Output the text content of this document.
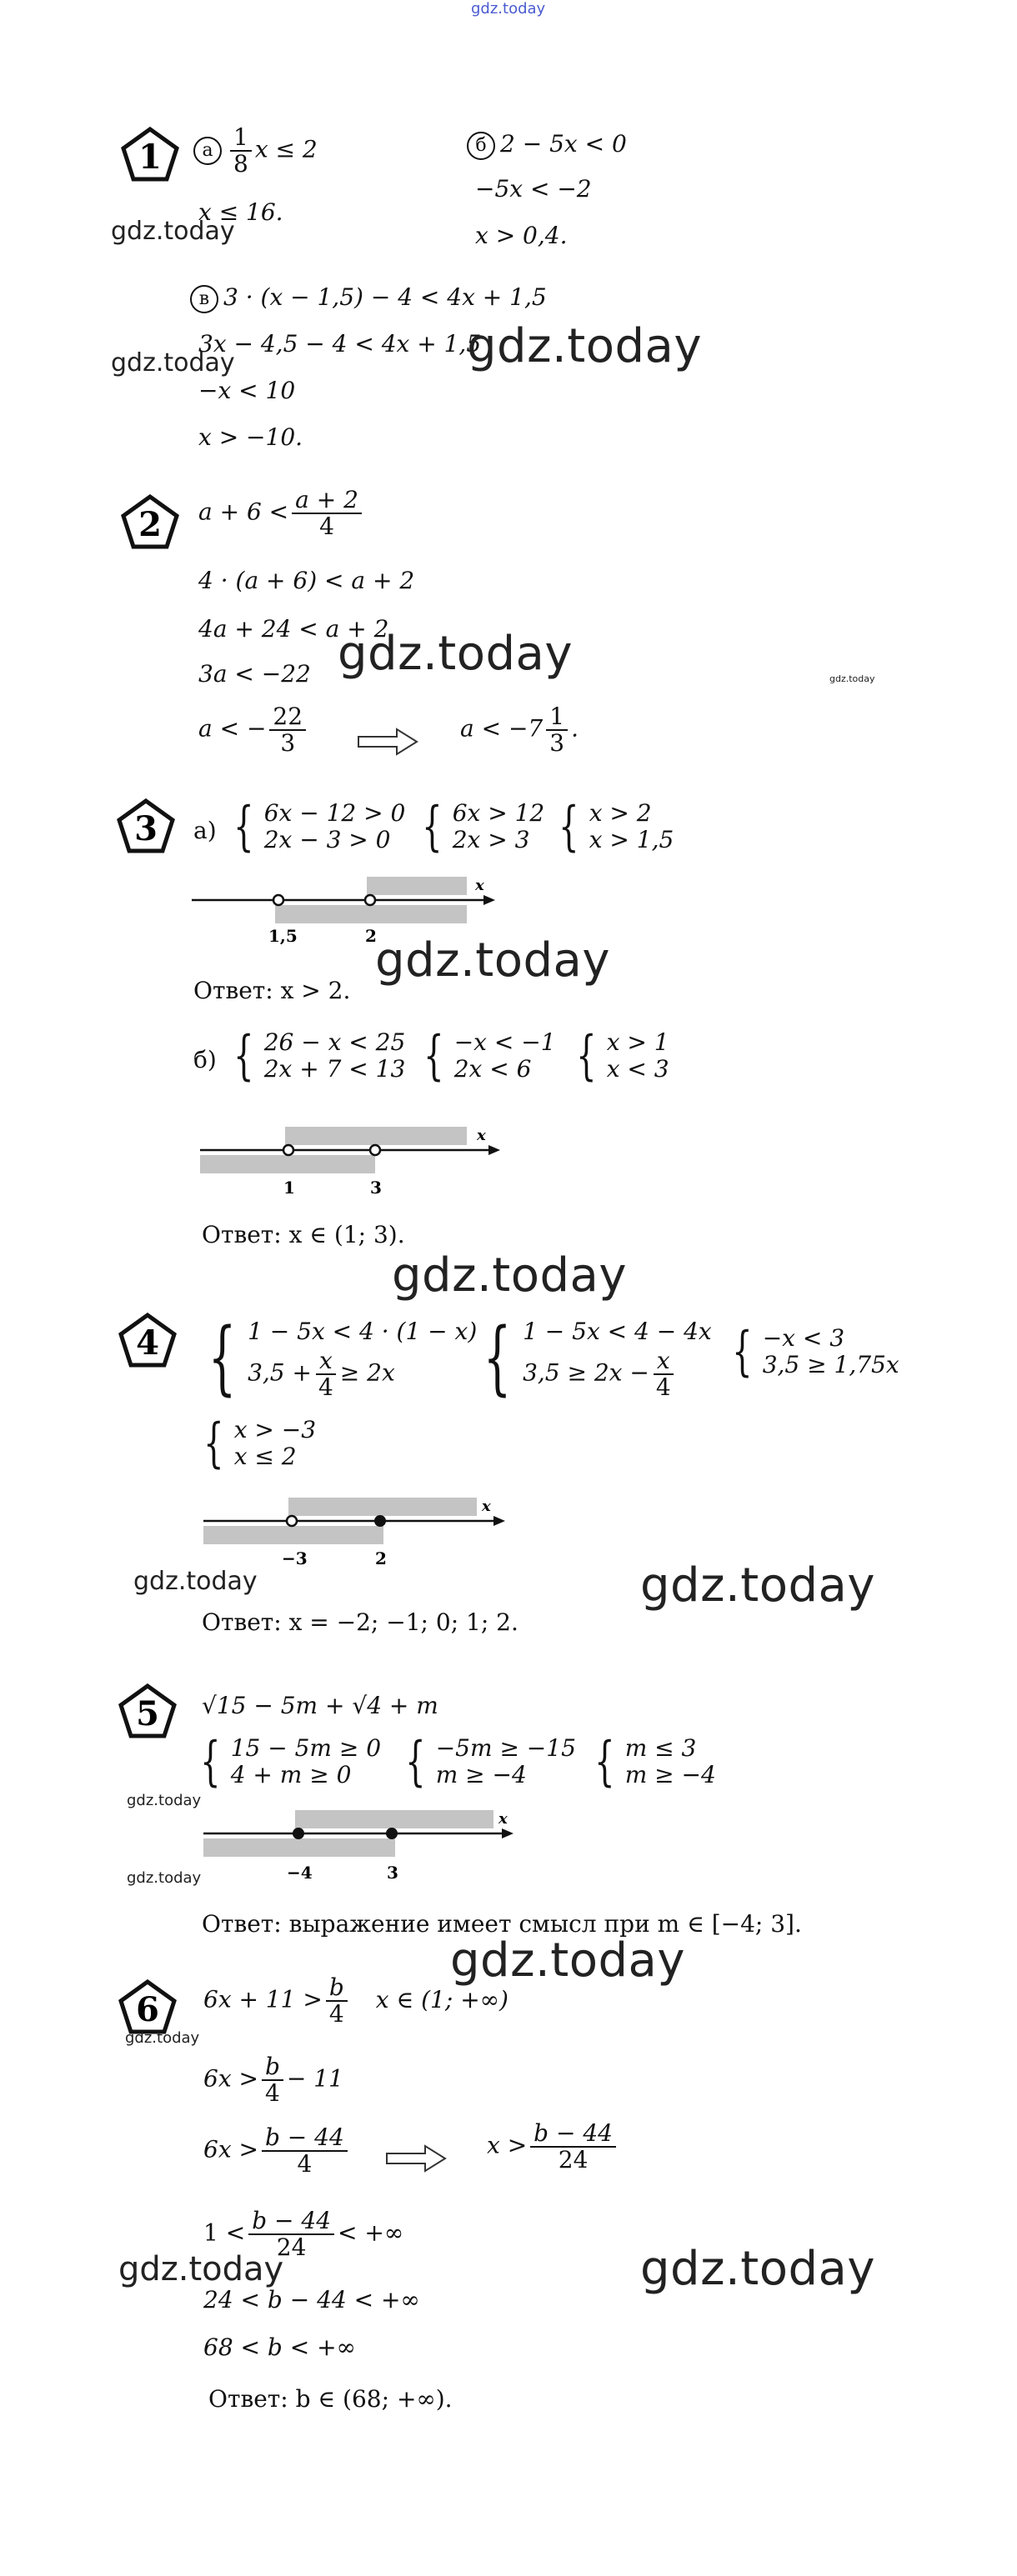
gdz.today
1	а $\frac{1}{8}$ x ≤ 2
x ≤ 16.
б 2 − 5x < 0
−5x < −2
x > 0,4.
gdz.today
в 3 · (x − 1,5) − 4 < 4x + 1,5
3x − 4,5 − 4 < 4x + 1,5
gdz.today
gdz.today
−x < 10
x > −10.
2 $a + 6 < \frac{a + 2}{4}$
4 · (a + 6) < a + 2
4a + 24 < a + 2
3a < −22 gdz.today	gdz.today
a < − $\frac{22}{3}$	$a < -7 \frac{1}{3}$ .
3 а) { 6x − 12 > 0
2x − 3 > 0 { 6x > 12
2x > 3 { x > 2
x > 1,5
x
1,5	2
gdz.today
Ответ: x > 2.
б) { 26 − x < 25
2x + 7 < 13 { −x < −1
2x < 6 { x > 1
x < 3
x
1	3
Ответ: x ∈ (1; 3).
gdz.today
4 { 1 − 5x < 4 · (1 − x)
$3,5 + \frac{x}{4} \ge 2x$	{ 1 − 5x < 4 − 4x
$3,5 \ge 2x - \frac{x}{4}$ { −x < 3
3,5 ≥ 1,75x
{ x > −3
x ≤ 2
x
−3	2
gdz.today	gdz.today
Ответ: x = −2; −1; 0; 1; 2.
5 √15 − 5m + √4 + m
{ 15 − 5m ≥ 0
4 + m ≥ 0	{ −5m ≥ −15
m ≥ −4	{ m ≤ 3
m ≥ −4
gdz.today
x
−4	3
gdz.today
Ответ: выражение имеет смысл при m ∈ [−4; 3].
gdz.today
6
gdz.today
$6x + 11 > \frac{b}{4}$ x ∈ (1; +∞)
$6x > \frac{b}{4} - 11$
$6x > \frac{b - 44}{4}$	$x > \frac{b - 44}{24}$
$1 < \frac{b - 44}{24}$ < +∞
gdz.today	gdz.today
24 < b − 44 < +∞
68 < b < +∞
Ответ: b ∈ (68; +∞).
